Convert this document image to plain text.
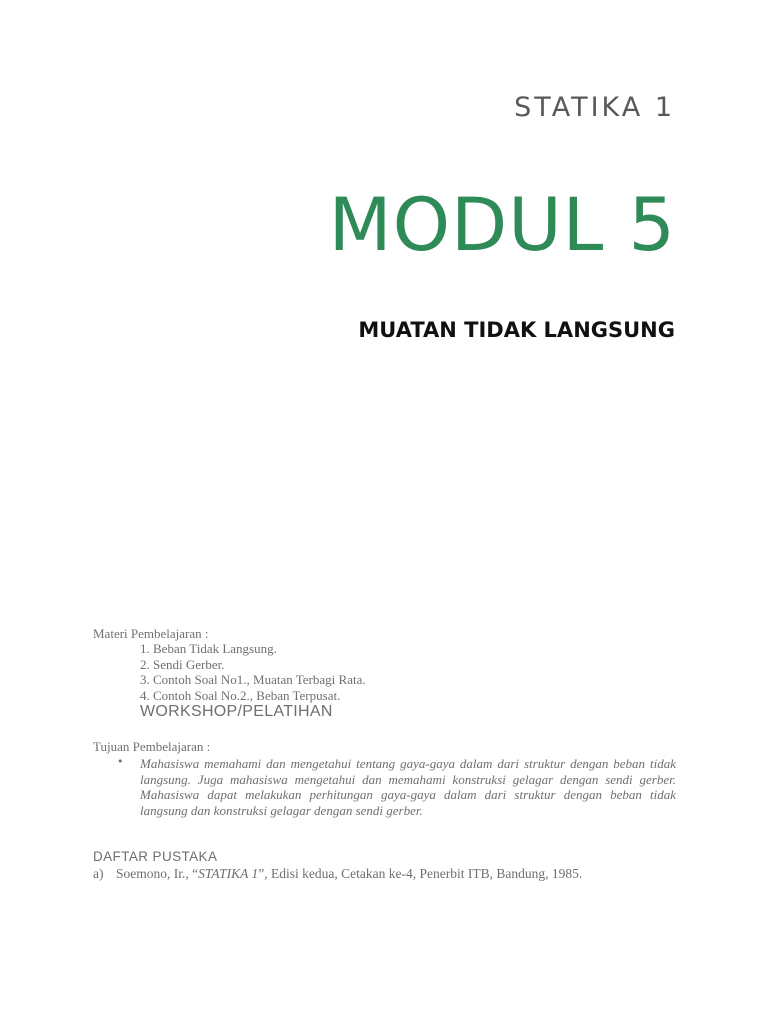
STATIKA 1
MODUL 5
MUATAN TIDAK LANGSUNG
Materi Pembelajaran :
1. Beban Tidak Langsung.
2. Sendi Gerber.
3. Contoh Soal No1., Muatan Terbagi Rata.
4. Contoh Soal No.2., Beban Terpusat.
WORKSHOP/PELATIHAN
Tujuan Pembelajaran :
• Mahasiswa memahami dan mengetahui tentang gaya-gaya dalam dari struktur dengan beban tidak langsung. Juga mahasiswa mengetahui dan memahami konstruksi gelagar dengan sendi gerber. Mahasiswa dapat melakukan perhitungan gaya-gaya dalam dari struktur dengan beban tidak langsung dan konstruksi gelagar dengan sendi gerber.

DAFTAR PUSTAKA
a) Soemono, Ir., “STATIKA 1”, Edisi kedua, Cetakan ke-4, Penerbit ITB, Bandung, 1985.
